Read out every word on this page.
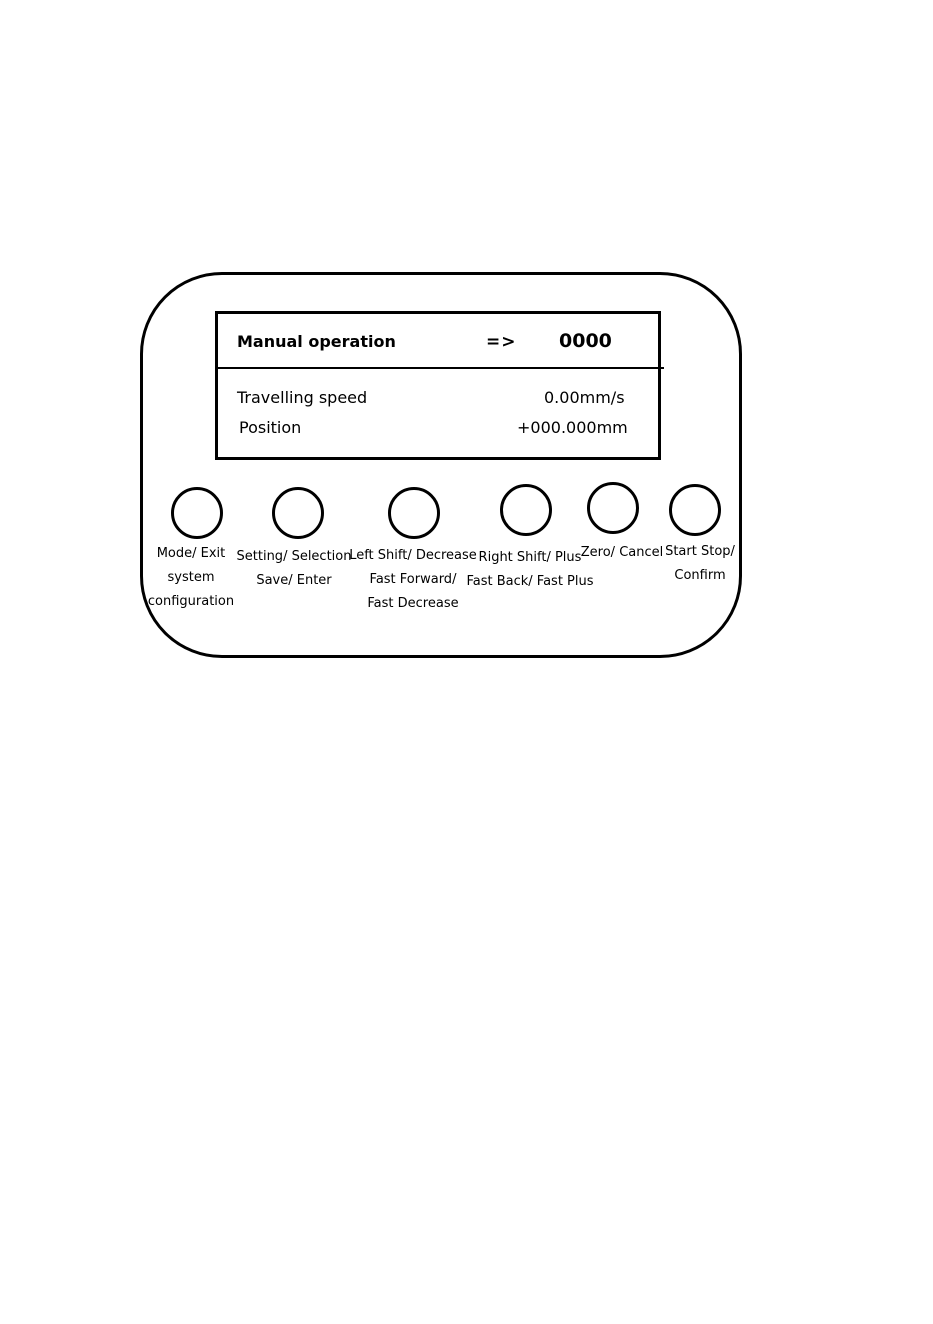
Manual operation	=> 0000
Travelling speed	0.00mm/s
Position	+000.000mm
Mode/ Exit
system
configuration
Setting/ Selection
Save/ Enter
Left Shift/ Decrease
Fast Forward/
Fast Decrease
Right Shift/ Plus
Fast Back/ Fast Plus
Zero/ Cancel Start Stop/
Confirm
